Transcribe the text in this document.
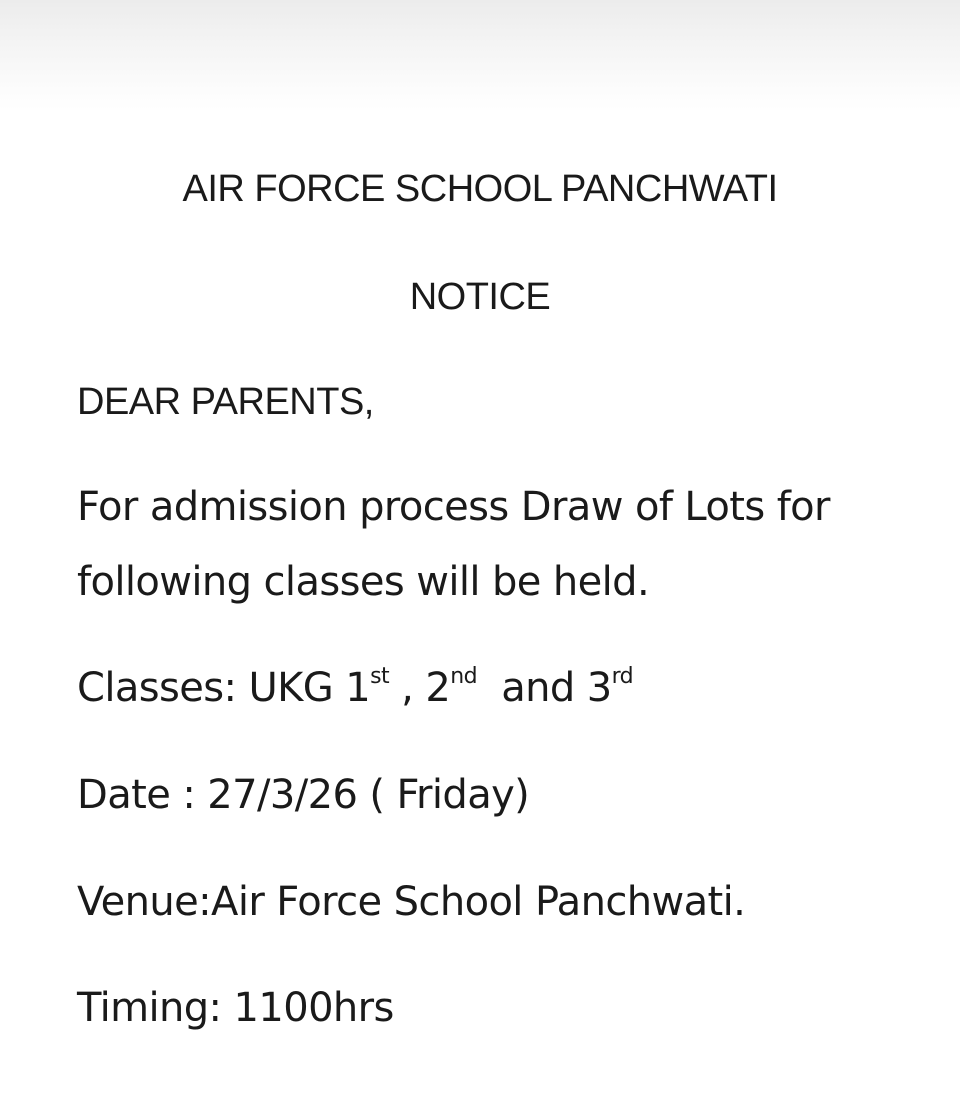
AIR FORCE SCHOOL PANCHWATI
NOTICE
DEAR PARENTS,
For admission process Draw of Lots for
following classes will be held.
Classes: UKG 1st , 2nd  and 3rd
Date : 27/3/26 ( Friday)
Venue:Air Force School Panchwati.
Timing: 1100hrs
